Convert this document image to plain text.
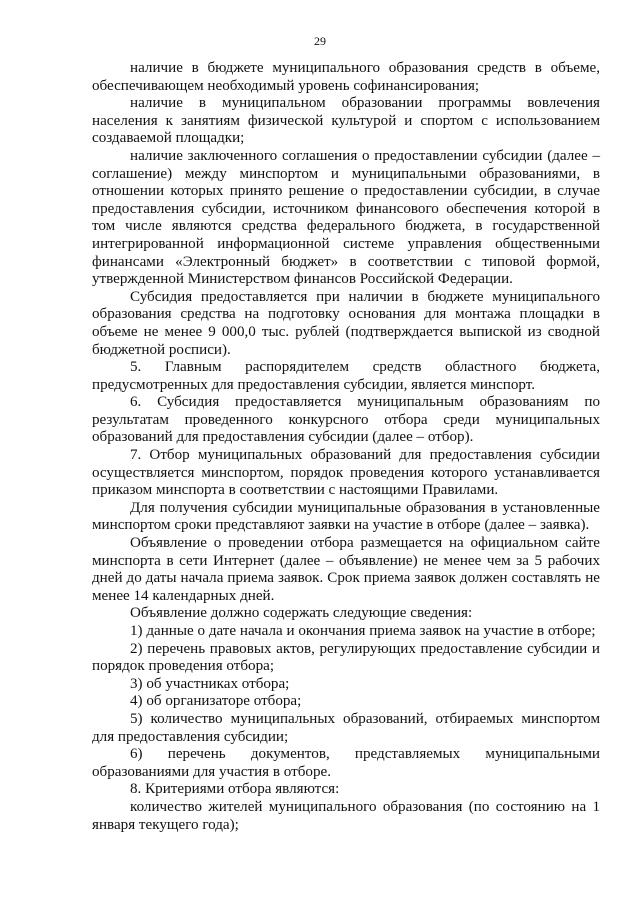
29

наличие в бюджете муниципального образования средств в объеме, обеспечивающем необходимый уровень софинансирования;

наличие в муниципальном образовании программы вовлечения населения к занятиям физической культурой и спортом с использованием создаваемой площадки;

наличие заключенного соглашения о предоставлении субсидии (далее – соглашение) между минспортом и муниципальными образованиями, в отношении которых принято решение о предоставлении субсидии, в случае предоставления субсидии, источником финансового обеспечения которой в том числе являются средства федерального бюджета, в государственной интегрированной информационной системе управления общественными финансами «Электронный бюджет» в соответствии с типовой формой, утвержденной Министерством финансов Российской Федерации.

Субсидия предоставляется при наличии в бюджете муниципального образования средства на подготовку основания для монтажа площадки в объеме не менее 9 000,0 тыс. рублей (подтверждается выпиской из сводной бюджетной росписи).

5. Главным распорядителем средств областного бюджета, предусмотренных для предоставления субсидии, является минспорт.

6. Субсидия предоставляется муниципальным образованиям по результатам проведенного конкурсного отбора среди муниципальных образований для предоставления субсидии (далее – отбор).

7. Отбор муниципальных образований для предоставления субсидии осуществляется минспортом, порядок проведения которого устанавливается приказом минспорта в соответствии с настоящими Правилами.

Для получения субсидии муниципальные образования в установленные минспортом сроки представляют заявки на участие в отборе (далее – заявка).

Объявление о проведении отбора размещается на официальном сайте минспорта в сети Интернет (далее – объявление) не менее чем за 5 рабочих дней до даты начала приема заявок. Срок приема заявок должен составлять не менее 14 календарных дней.

Объявление должно содержать следующие сведения:

1) данные о дате начала и окончания приема заявок на участие в отборе;

2) перечень правовых актов, регулирующих предоставление субсидии и порядок проведения отбора;

3) об участниках отбора;

4) об организаторе отбора;

5) количество муниципальных образований, отбираемых минспортом для предоставления субсидии;

6) перечень документов, представляемых муниципальными образованиями для участия в отборе.

8. Критериями отбора являются:

количество жителей муниципального образования (по состоянию на 1 января текущего года);
